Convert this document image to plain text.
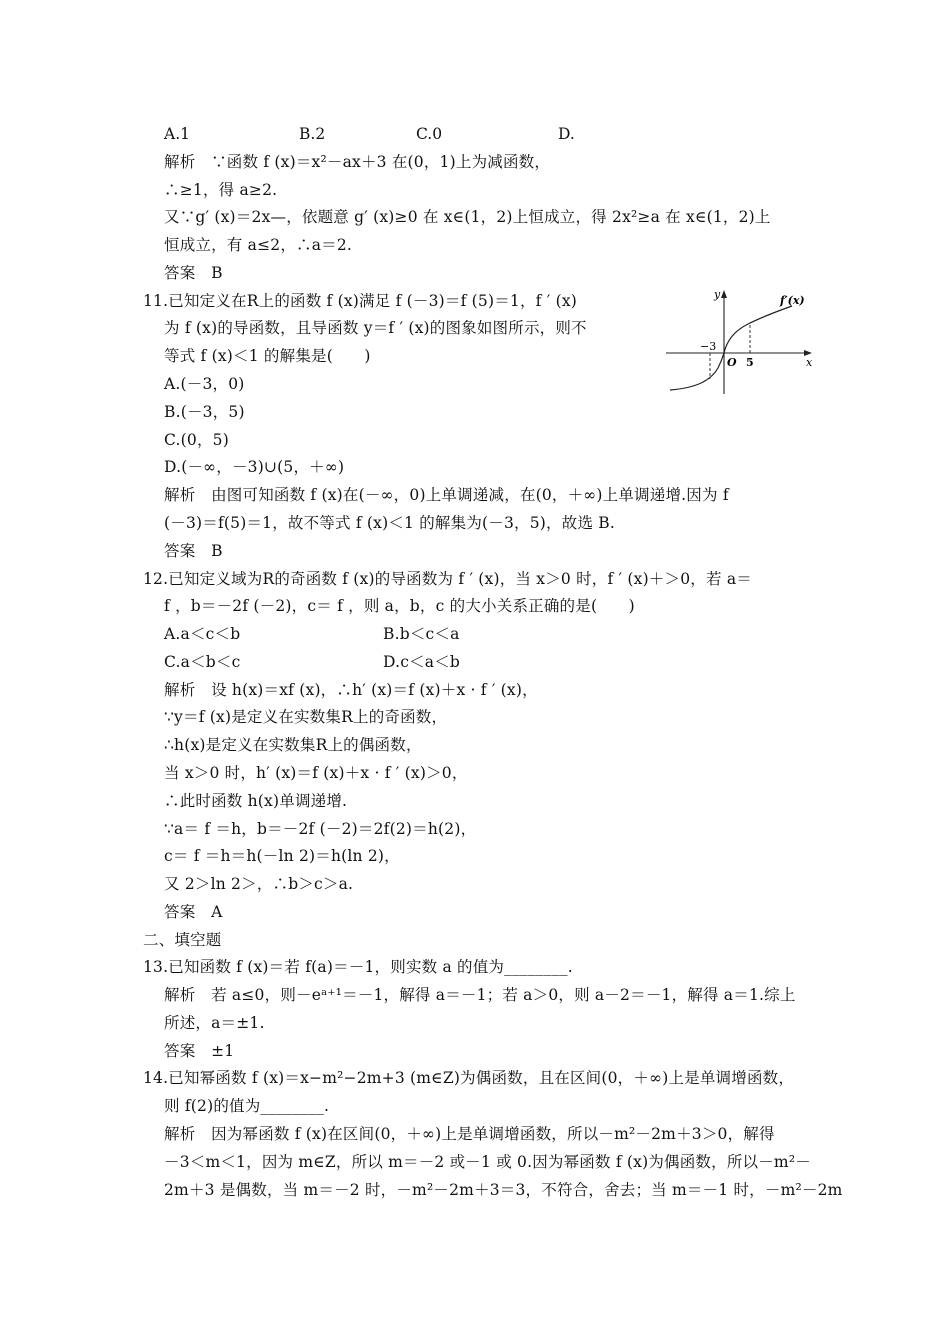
A.1	B.2	C.0	D.
解析　∵函数 f (x)＝x²－ax＋3 在(0，1)上为减函数，
∴≥1，得 a≥2.
又∵g′ (x)＝2x—，依题意 g′ (x)≥0 在 x∈(1，2)上恒成立，得 2x²≥a 在 x∈(1，2)上
恒成立，有 a≤2，∴a＝2.
答案　B
11.已知定义在R上的函数 f (x)满足 f (－3)＝f (5)＝1，f ′ (x)
为 f (x)的导函数，且导函数 y＝f ′ (x)的图象如图所示，则不
等式 f (x)＜1 的解集是(　　)
A.(－3，0)
B.(－3，5)
C.(0，5)
D.(－∞，－3)∪(5，＋∞)
解析　由图可知函数 f (x)在(－∞，0)上单调递减，在(0，＋∞)上单调递增.因为 f
(－3)＝f(5)＝1，故不等式 f (x)＜1 的解集为(－3，5)，故选 B.
答案　B
y
x
O
−3
5
f′(x)
12.已知定义域为R的奇函数 f (x)的导函数为 f ′ (x)，当 x＞0 时，f ′ (x)＋＞0，若 a＝
f ，b＝－2f (－2)，c＝ f ，则 a，b，c 的大小关系正确的是(　　)
A.a＜c＜b	B.b＜c＜a
C.a＜b＜c	D.c＜a＜b
解析　设 h(x)＝xf (x)，∴h′ (x)＝f (x)＋x · f ′ (x)，
∵y＝f (x)是定义在实数集R上的奇函数，
∴h(x)是定义在实数集R上的偶函数，
当 x＞0 时，h′ (x)＝f (x)＋x · f ′ (x)＞0，
∴此时函数 h(x)单调递增.
∵a＝ f ＝h，b＝－2f (－2)＝2f(2)＝h(2)，
c＝ f ＝h＝h(－ln 2)＝h(ln 2)，
又 2＞ln 2＞，∴b＞c＞a.
答案　A
二、填空题
13.已知函数 f (x)＝若 f(a)＝－1，则实数 a 的值为________.
解析　若 a≤0，则－eᵃ⁺¹＝－1，解得 a＝－1；若 a＞0，则 a－2＝－1，解得 a＝1.综上
所述，a＝±1.
答案　±1
14.已知幂函数 f (x)＝x−m²−2m+3 (m∈Z)为偶函数，且在区间(0，＋∞)上是单调增函数，
则 f(2)的值为________.
解析　因为幂函数 f (x)在区间(0，＋∞)上是单调增函数，所以－m²－2m＋3＞0，解得
－3＜m＜1，因为 m∈Z，所以 m＝－2 或－1 或 0.因为幂函数 f (x)为偶函数，所以－m²－
2m＋3 是偶数，当 m＝－2 时，－m²－2m＋3＝3，不符合，舍去；当 m＝－1 时，－m²－2m
